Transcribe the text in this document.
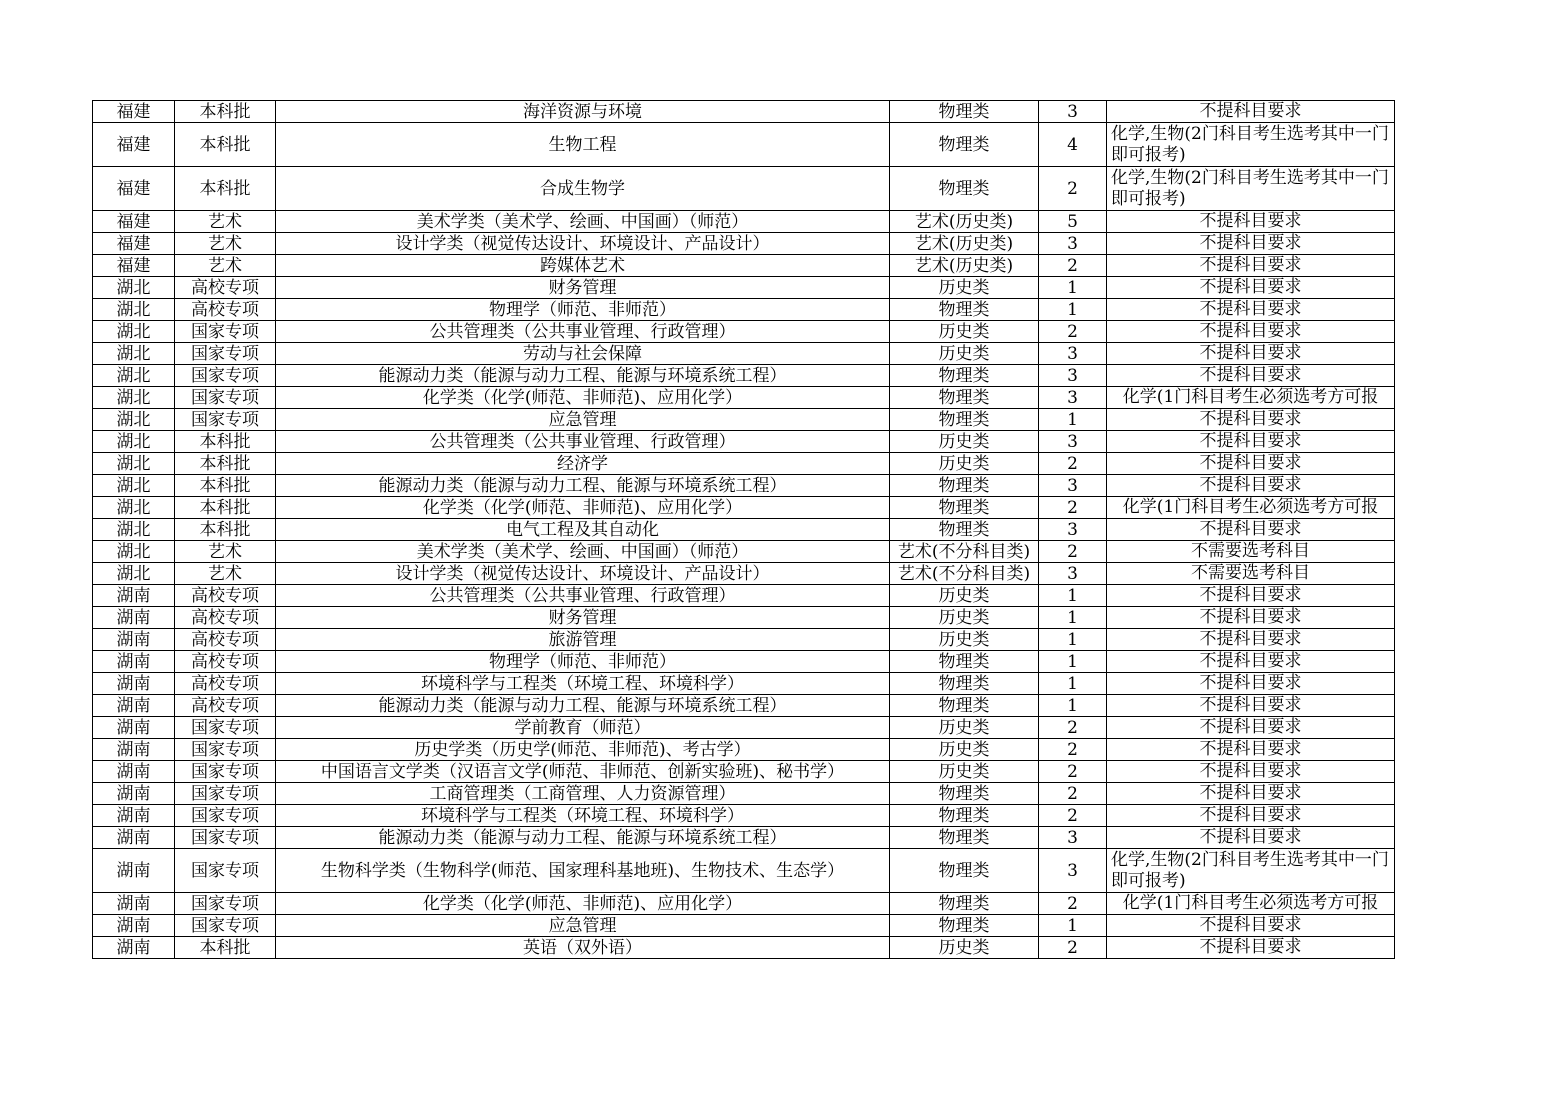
福建	本科批	海洋资源与环境	物理类	3	不提科目要求
福建	本科批	生物工程	物理类	4	化学,生物(2门科目考生选考其中一门即可报考)
福建	本科批	合成生物学	物理类	2	化学,生物(2门科目考生选考其中一门即可报考)
福建	艺术	美术学类（美术学、绘画、中国画）（师范）	艺术(历史类)	5	不提科目要求
福建	艺术	设计学类（视觉传达设计、环境设计、产品设计）	艺术(历史类)	3	不提科目要求
福建	艺术	跨媒体艺术	艺术(历史类)	2	不提科目要求
湖北	高校专项	财务管理	历史类	1	不提科目要求
湖北	高校专项	物理学（师范、非师范）	物理类	1	不提科目要求
湖北	国家专项	公共管理类（公共事业管理、行政管理）	历史类	2	不提科目要求
湖北	国家专项	劳动与社会保障	历史类	3	不提科目要求
湖北	国家专项	能源动力类（能源与动力工程、能源与环境系统工程）	物理类	3	不提科目要求
湖北	国家专项	化学类（化学(师范、非师范)、应用化学）	物理类	3	化学(1门科目考生必须选考方可报
湖北	国家专项	应急管理	物理类	1	不提科目要求
湖北	本科批	公共管理类（公共事业管理、行政管理）	历史类	3	不提科目要求
湖北	本科批	经济学	历史类	2	不提科目要求
湖北	本科批	能源动力类（能源与动力工程、能源与环境系统工程）	物理类	3	不提科目要求
湖北	本科批	化学类（化学(师范、非师范)、应用化学）	物理类	2	化学(1门科目考生必须选考方可报
湖北	本科批	电气工程及其自动化	物理类	3	不提科目要求
湖北	艺术	美术学类（美术学、绘画、中国画）（师范）	艺术(不分科目类)	2	不需要选考科目
湖北	艺术	设计学类（视觉传达设计、环境设计、产品设计）	艺术(不分科目类)	3	不需要选考科目
湖南	高校专项	公共管理类（公共事业管理、行政管理）	历史类	1	不提科目要求
湖南	高校专项	财务管理	历史类	1	不提科目要求
湖南	高校专项	旅游管理	历史类	1	不提科目要求
湖南	高校专项	物理学（师范、非师范）	物理类	1	不提科目要求
湖南	高校专项	环境科学与工程类（环境工程、环境科学）	物理类	1	不提科目要求
湖南	高校专项	能源动力类（能源与动力工程、能源与环境系统工程）	物理类	1	不提科目要求
湖南	国家专项	学前教育（师范）	历史类	2	不提科目要求
湖南	国家专项	历史学类（历史学(师范、非师范)、考古学）	历史类	2	不提科目要求
湖南	国家专项	中国语言文学类（汉语言文学(师范、非师范、创新实验班)、秘书学）	历史类	2	不提科目要求
湖南	国家专项	工商管理类（工商管理、人力资源管理）	物理类	2	不提科目要求
湖南	国家专项	环境科学与工程类（环境工程、环境科学）	物理类	2	不提科目要求
湖南	国家专项	能源动力类（能源与动力工程、能源与环境系统工程）	物理类	3	不提科目要求
湖南	国家专项	生物科学类（生物科学(师范、国家理科基地班)、生物技术、生态学）	物理类	3	化学,生物(2门科目考生选考其中一门即可报考)
湖南	国家专项	化学类（化学(师范、非师范)、应用化学）	物理类	2	化学(1门科目考生必须选考方可报
湖南	国家专项	应急管理	物理类	1	不提科目要求
湖南	本科批	英语（双外语）	历史类	2	不提科目要求
